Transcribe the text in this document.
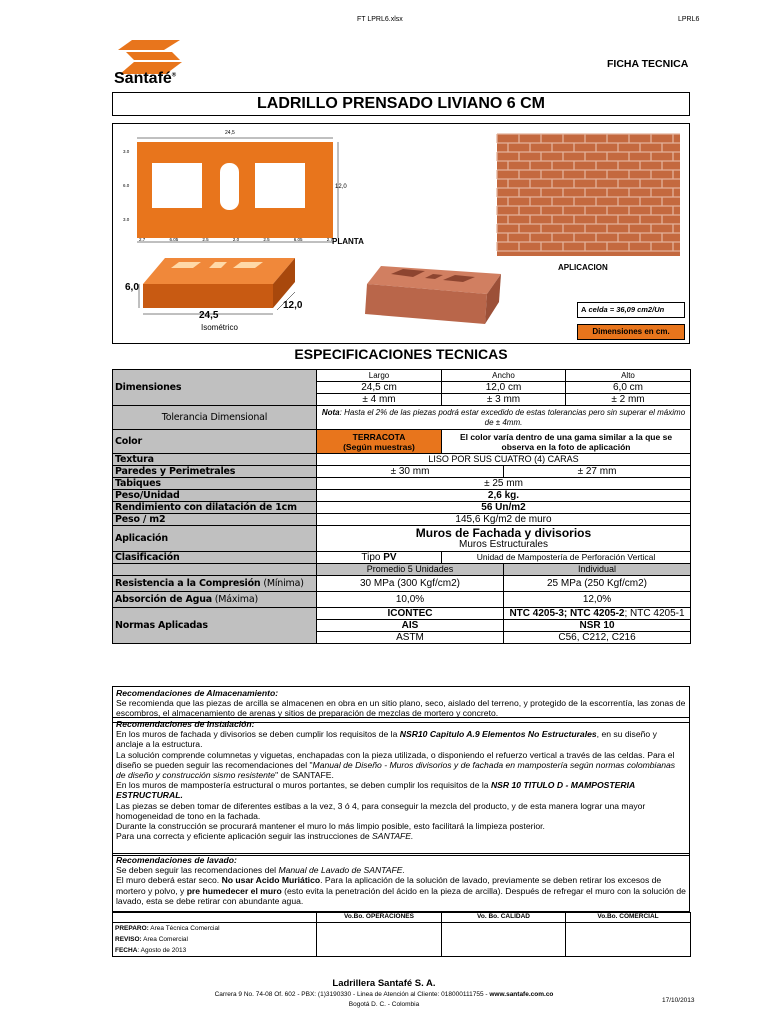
FT LPRL6.xlsx	LPRL6
Santafé®
FICHA TECNICA
LADRILLO PRENSADO LIVIANO 6 CM
3.0
6.0
3.0
24,5
12,0
2.7	6.05	2.5	2.0	2.5	6.05	2.7 PLANTA
6,0
24,5
12,0
Isométrico
APLICACION
A celda = 36,09 cm2/Un
Dimensiones en cm.
ESPECIFICACIONES TECNICAS
Dimensiones	Largo	Ancho		Alto
	24,5 cm	12,0 cm		6,0 cm
	± 4 mm	± 3 mm		± 2 mm
Tolerancia Dimensional	Nota: Hasta el 2% de las piezas podrá estar excedido de estas tolerancias pero sin superar el máximo de ± 4mm.			
Color	TERRACOTA
(Según muestras)	El color varía dentro de una gama similar a la que se observa en la foto de aplicación		
Textura	LISO POR SUS CUATRO (4) CARAS			
Paredes y Perimetrales	± 30 mm		± 27 mm	
Tabiques	± 25 mm			
Peso/Unidad	2,6 kg.			
Rendimiento con dilatación de 1cm	56 Un/m2			
Peso / m2	145,6 Kg/m2 de muro			
Aplicación	Muros de Fachada y divisorios
Muros Estructurales			

Clasificación	Tipo PV	Unidad de Mampostería de Perforación Vertical		
	Promedio 5 Unidades		Individual	
Resistencia a la Compresión (Mínima)	30 MPa (300 Kgf/cm2)		25 MPa (250 Kgf/cm2)	
Absorción de Agua (Máxima)	10,0%		12,0%	
Normas Aplicadas	ICONTEC		NTC 4205-3; NTC 4205-2; NTC 4205-1	
	AIS		NSR 10	
	ASTM		C56, C212, C216	

Recomendaciones de Almacenamiento:

Se recomienda que las piezas de arcilla se almacenen en obra en un sitio plano, seco, aislado del terreno, y protegido de la escorrentía, las zonas de escombros, el almacenamiento de arenas y sitios de preparación de mezclas de mortero y concreto.

Recomendaciones de Instalación:

En los muros de fachada y divisorios se deben cumplir los requisitos de la NSR10 Capitulo A.9 Elementos No Estructurales, en su diseño y anclaje a la estructura.

La solución comprende columnetas y viguetas, enchapadas con la pieza utilizada, o disponiendo el refuerzo vertical a través de las celdas. Para el diseño se pueden seguir las recomendaciones del "Manual de Diseño - Muros divisorios y de fachada en mampostería según normas colombianas de diseño y construcción sismo resistente" de SANTAFE.

En los muros de mampostería estructural o muros portantes, se deben cumplir los requisitos de la NSR 10 TITULO D - MAMPOSTERIA ESTRUCTURAL.

Las piezas se deben tomar de diferentes estibas a la vez, 3 ó 4, para conseguir la mezcla del producto, y de esta manera lograr una mayor homogeneidad de tono en la fachada.

Durante la construcción se procurará mantener el muro lo más limpio posible, esto facilitará la limpieza posterior.

Para una correcta y eficiente aplicación seguir las instrucciones de SANTAFE.

Recomendaciones de lavado:

Se deben seguir las recomendaciones del Manual de Lavado de SANTAFE.

El muro deberá estar seco. No usar Acido Muriático. Para la aplicación de la solución de lavado, previamente se deben retirar los excesos de mortero y polvo, y pre humedecer el muro (esto evita la penetración del ácido en la pieza de arcilla). Después de refregar el muro con la solución de lavado, esta se debe retirar con abundante agua.

	Vo.Bo. OPERACIONES	Vo. Bo. CALIDAD	Vo.Bo. COMERCIAL

PREPARO: Area Técnica Comercial
REVISO: Area Comercial
FECHA: Agosto de 2013			

Ladrillera Santafé S. A.
Carrera 9 No. 74-08 Of. 602 - PBX: (1)3190330 - Linea de Atención al Cliente: 018000111755 - www.santafe.com.co
Bogotá D. C. - Colombia
17/10/2013
